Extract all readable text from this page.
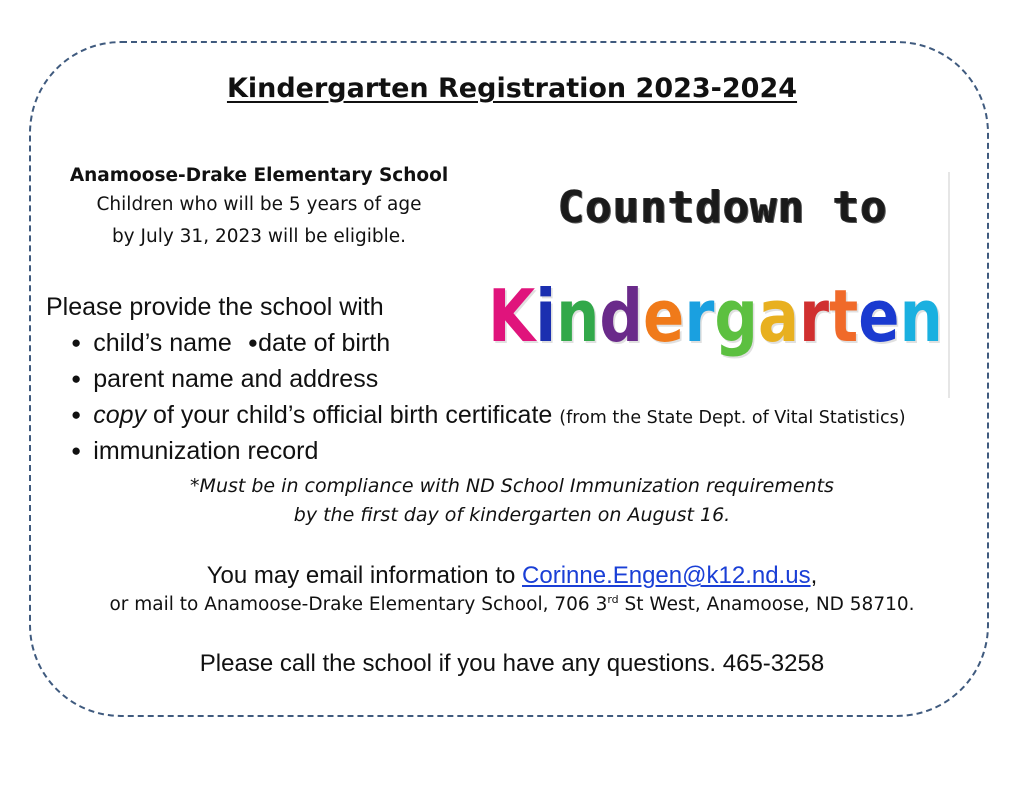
Kindergarten Registration 2023-2024
Anamoose-Drake Elementary School
Children who will be 5 years of age
by July 31, 2023 will be eligible.
Countdown to
Kindergarten
Please provide the school with
● child’s name ●date of birth
● parent name and address
● copy of your child’s official birth certificate (from the State Dept. of Vital Statistics)
● immunization record
*Must be in compliance with ND School Immunization requirements
by the first day of kindergarten on August 16.
You may email information to Corinne.Engen@k12.nd.us,
or mail to Anamoose-Drake Elementary School, 706 3rd St West, Anamoose, ND 58710.
Please call the school if you have any questions. 465-3258
